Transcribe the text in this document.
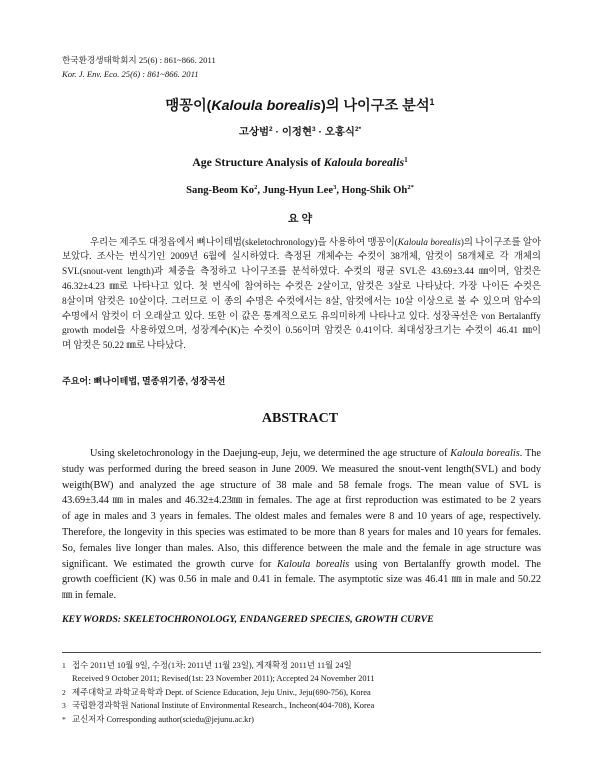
한국환경생태학회지 25(6) : 861~866. 2011
Kor. J. Env. Eco. 25(6) : 861~866. 2011
맹꽁이(Kaloula borealis)의 나이구조 분석$^1$
고상범$^2$ · 이정현$^3$ · 오홍식$^{2*}$
Age Structure Analysis of Kaloula borealis$^1$
Sang-Beom Ko$^2$, Jung-Hyun Lee$^3$, Hong-Shik $Oh^{2*}$
요 약
우리는 제주도 대정읍에서 뼈나이테법(skeletochronology)을 사용하여 맹꽁이(Kaloula borealis)의 나이구조를 알아
보았다. 조사는 번식기인 2009년 6월에 실시하였다. 측정된 개체수는 수컷이 38개체, 암컷이 58개체로 각 개체의
SVL(snout-vent length)과 체중을 측정하고 나이구조를 분석하였다. 수컷의 평균 SVL은 43.69±3.44 ㎜이며, 암컷은
46.32±4.23 ㎜로 나타나고 있다. 첫 번식에 참여하는 수컷은 2살이고, 암컷은 3살로 나타났다. 가장 나이든 수컷은
8살이며 암컷은 10살이다. 그러므로 이 종의 수명은 수컷에서는 8살, 암컷에서는 10살 이상으로 볼 수 있으며 암수의
수명에서 암컷이 더 오래살고 있다. 또한 이 값은 통계적으로도 유의미하게 나타나고 있다. 성장곡선은 von Bertalanffy
growth model을 사용하였으며, 성장계수(K)는 수컷이 0.56이며 암컷은 0.41이다. 최대성장크기는 수컷이 46.41 ㎜이
며 암컷은 50.22 ㎜로 나타났다.
주요어: 뼈나이테법, 멸종위기종, 성장곡선
ABSTRACT
Using skeletochronology in the Daejung-eup, Jeju, we determined the age structure of Kaloula borealis. The
study was performed during the breed season in June 2009. We measured the snout-vent length(SVL) and body
weigth(BW) and analyzed the age structure of 38 male and 58 female frogs. The mean value of SVL is
43.69±3.44 ㎜ in males and 46.32±4.23㎜ in females. The age at first reproduction was estimated to be 2 years
of age in males and 3 years in females. The oldest males and females were 8 and 10 years of age, respectively.
Therefore, the longevity in this species was estimated to be more than 8 years for males and 10 years for females.
So, females live longer than males. Also, this difference between the male and the female in age structure was
significant. We estimated the growth curve for Kaloula borealis using von Bertalanffy growth model. The
growth coefficient (K) was 0.56 in male and 0.41 in female. The asymptotic size was 46.41 ㎜ in male and 50.22
㎜ in female.
KEY WORDS: SKELETOCHRONOLOGY, ENDANGERED SPECIES, GROWTH CURVE
1 접수 2011년 10월 9일, 수정(1차: 2011년 11월 23일), 게재확정 2011년 11월 24일
Received 9 October 2011; Revised(1st: 23 November 2011); Accepted 24 November 2011
2 제주대학교 과학교육학과 Dept. of Science Education, Jeju Univ., Jeju(690-756), Korea
3 국립환경과학원 National Institute of Environmental Research., Incheon(404-708), Korea
* 교신저자 Corresponding author(sciedu@jejunu.ac.kr)
